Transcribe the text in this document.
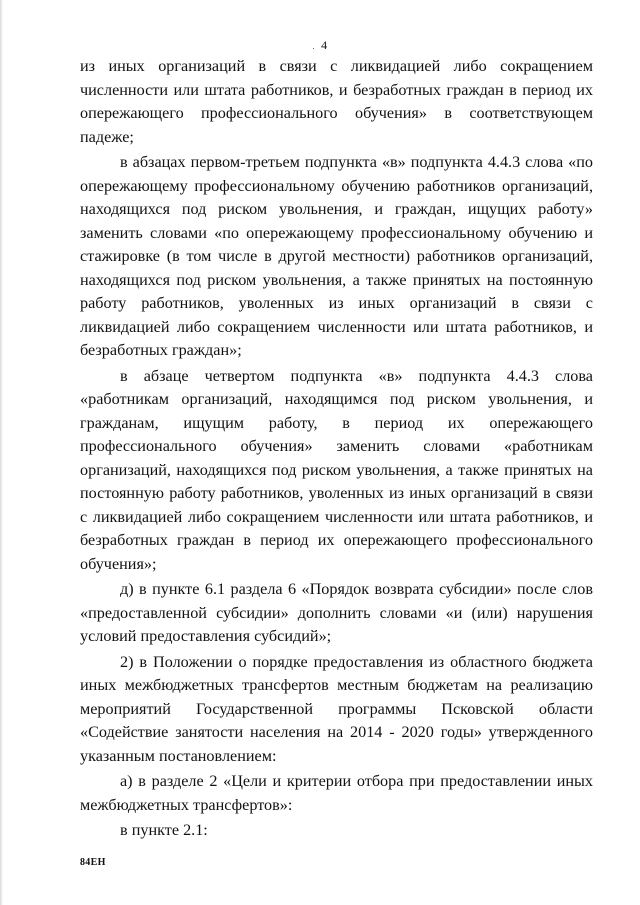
. 4

из иных организаций в связи с ликвидацией либо сокращением численности или штата работников, и безработных граждан в период их опережающего профессионального обучения» в соответствующем падеже;

в абзацах первом-третьем подпункта «в» подпункта 4.4.3 слова «по опережающему профессиональному обучению работников организаций, находящихся под риском увольнения, и граждан, ищущих работу» заменить словами «по опережающему профессиональному обучению и стажировке (в том числе в другой местности) работников организаций, находящихся под риском увольнения, а также принятых на постоянную работу работников, уволенных из иных организаций в связи с ликвидацией либо сокращением численности или штата работников, и безработных граждан»;

в абзаце четвертом подпункта «в» подпункта 4.4.3 слова «работникам организаций, находящимся под риском увольнения, и гражданам, ищущим работу, в период их опережающего профессионального обучения» заменить словами «работникам организаций, находящихся под риском увольнения, а также принятых на постоянную работу работников, уволенных из иных организаций в связи с ликвидацией либо сокращением численности или штата работников, и безработных граждан в период их опережающего профессионального обучения»;

д) в пункте 6.1 раздела 6 «Порядок возврата субсидии» после слов «предоставленной субсидии» дополнить словами «и (или) нарушения условий предоставления субсидий»;

2) в Положении о порядке предоставления из областного бюджета иных межбюджетных трансфертов местным бюджетам на реализацию мероприятий Государственной программы Псковской области «Содействие занятости населения на 2014 - 2020 годы» утвержденного указанным постановлением:

а) в разделе 2 «Цели и критерии отбора при предоставлении иных межбюджетных трансфертов»:

в пункте 2.1:

84ЕН
